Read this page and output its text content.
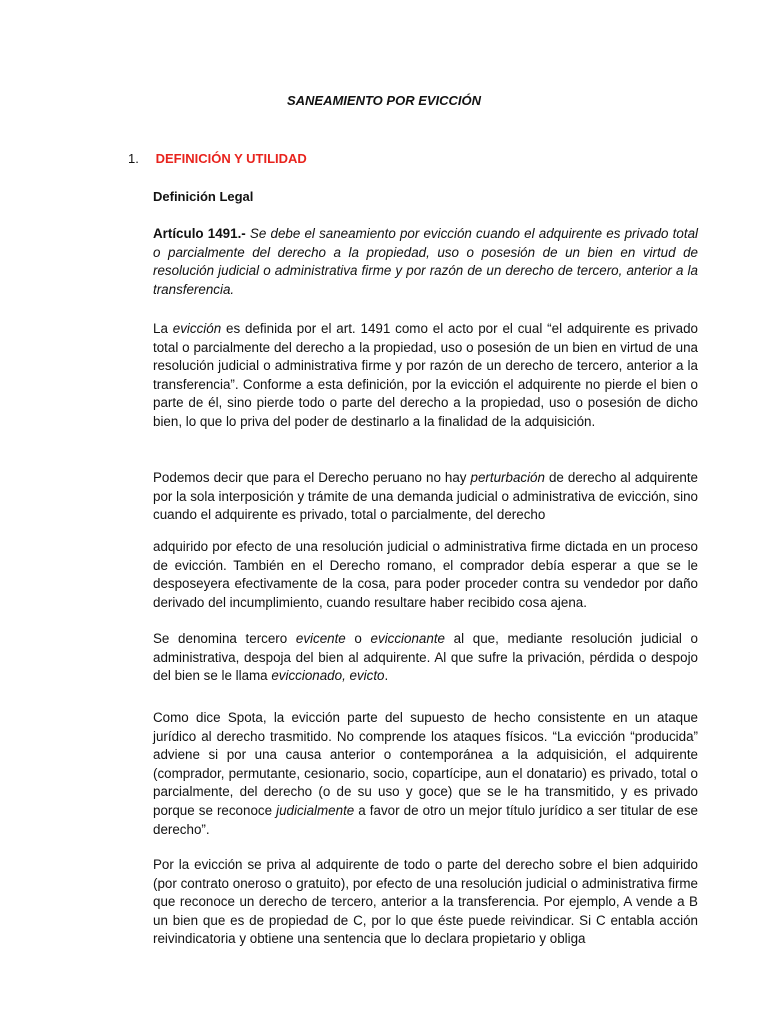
SANEAMIENTO POR EVICCIÓN
1. DEFINICIÓN Y UTILIDAD
Definición Legal

Artículo 1491.- Se debe el saneamiento por evicción cuando el adquirente es privado total o parcialmente del derecho a la propiedad, uso o posesión de un bien en virtud de resolución judicial o administrativa firme y por razón de un derecho de tercero, anterior a la transferencia.

La evicción es definida por el art. 1491 como el acto por el cual “el adquirente es privado total o parcialmente del derecho a la propiedad, uso o posesión de un bien en virtud de una resolución judicial o administrativa firme y por razón de un derecho de tercero, anterior a la transferencia”. Conforme a esta definición, por la evicción el adquirente no pierde el bien o parte de él, sino pierde todo o parte del derecho a la propiedad, uso o posesión de dicho bien, lo que lo priva del poder de destinarlo a la finalidad de la adquisición.

Podemos decir que para el Derecho peruano no hay perturbación de derecho al adquirente por la sola interposición y trámite de una demanda judicial o administrativa de evicción, sino cuando el adquirente es privado, total o parcialmente, del derecho

adquirido por efecto de una resolución judicial o administrativa firme dictada en un proceso de evicción. También en el Derecho romano, el comprador debía esperar a que se le desposeyera efectivamente de la cosa, para poder proceder contra su vendedor por daño derivado del incumplimiento, cuando resultare haber recibido cosa ajena.

Se denomina tercero evicente o eviccionante al que, mediante resolución judicial o administrativa, despoja del bien al adquirente. Al que sufre la privación, pérdida o despojo del bien se le llama eviccionado, evicto.

Como dice Spota, la evicción parte del supuesto de hecho consistente en un ataque jurídico al derecho trasmitido. No comprende los ataques físicos. “La evicción “producida” adviene si por una causa anterior o contemporánea a la adquisición, el adquirente (comprador, permutante, cesionario, socio, copartícipe, aun el donatario) es privado, total o parcialmente, del derecho (o de su uso y goce) que se le ha transmitido, y es privado porque se reconoce judicialmente a favor de otro un mejor título jurídico a ser titular de ese derecho”.

Por la evicción se priva al adquirente de todo o parte del derecho sobre el bien adquirido (por contrato oneroso o gratuito), por efecto de una resolución judicial o administrativa firme que reconoce un derecho de tercero, anterior a la transferencia. Por ejemplo, A vende a B un bien que es de propiedad de C, por lo que éste puede reivindicar. Si C entabla acción reivindicatoria y obtiene una sentencia que lo declara propietario y obliga
